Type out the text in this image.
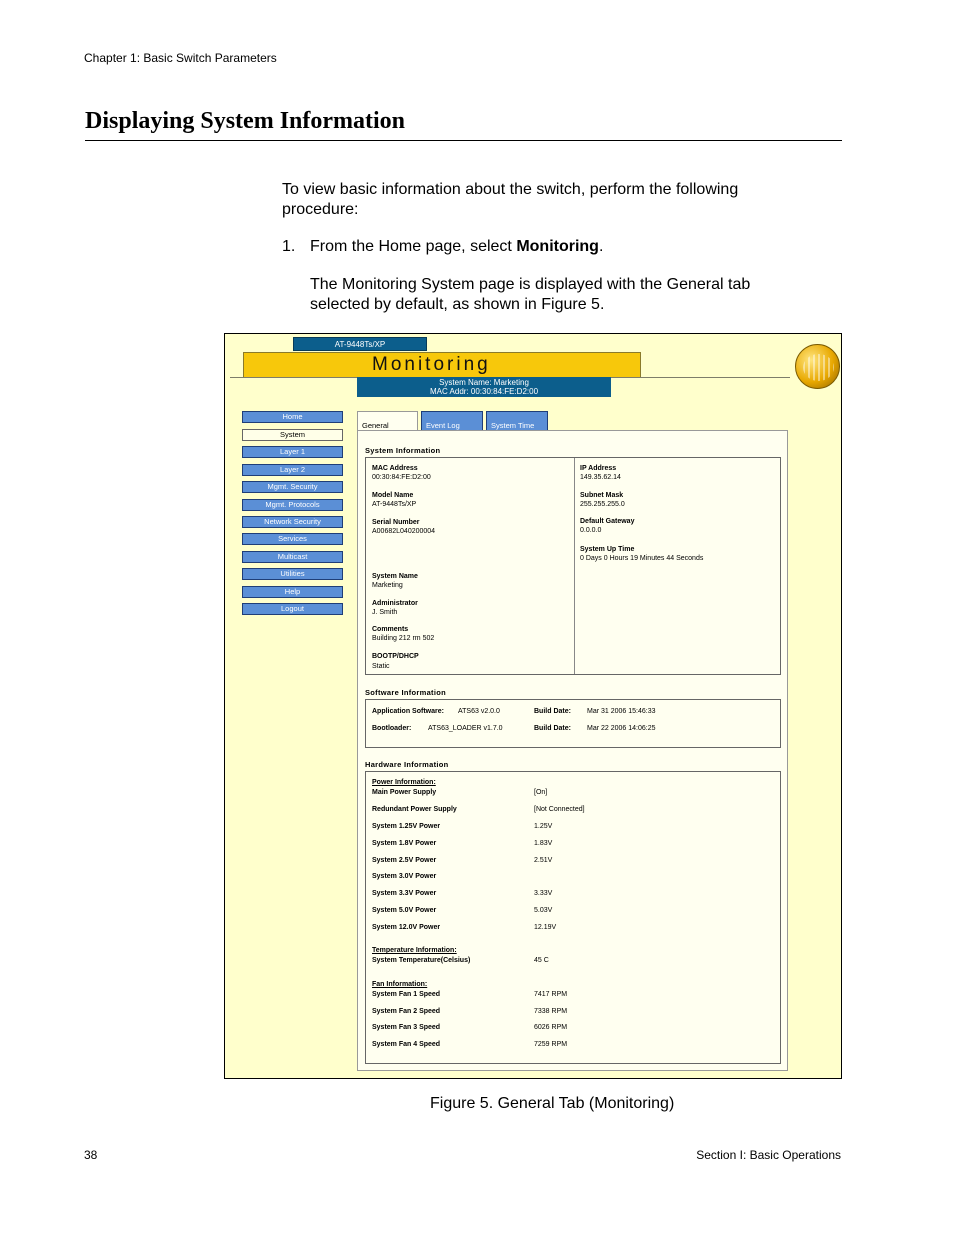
Chapter 1: Basic Switch Parameters
Displaying System Information
To view basic information about the switch, perform the following procedure:
1. From the Home page, select Monitoring.
The Monitoring System page is displayed with the General tab selected by default, as shown in Figure 5.
AT-9448Ts/XP
Monitoring
System Name: Marketing
MAC Addr: 00:30:84:FE:D2:00
Home
System
Layer 1
Layer 2
Mgmt. Security
Mgmt. Protocols
Network Security
Services
Multicast
Utilities
Help
Logout
General	Event Log	System Time
System Information
MAC Address
00:30:84:FE:D2:00
Model Name
AT-9448Ts/XP
Serial Number
A00682L040200004
IP Address
149.35.62.14
Subnet Mask
255.255.255.0
Default Gateway
0.0.0.0
System Up Time
0 Days 0 Hours 19 Minutes 44 Seconds
System Name
Marketing
Administrator
J. Smith
Comments
Building 212 rm 502
BOOTP/DHCP
Static
Software Information
Application Software: ATS63 v2.0.0	Build Date: Mar 31 2006 15:46:33
Bootloader: ATS63_LOADER v1.7.0	Build Date: Mar 22 2006 14:06:25
Hardware Information
Power Information:
Temperature Information:
Fan Information:
Main Power Supply	[On]
Redundant Power Supply	[Not Connected]
System 1.25V Power	1.25V
System 1.8V Power	1.83V
System 2.5V Power	2.51V
System 3.0V Power
System 3.3V Power	3.33V
System 5.0V Power	5.03V
System 12.0V Power	12.19V
System Temperature(Celsius)	45 C
System Fan 1 Speed	7417 RPM
System Fan 2 Speed	7338 RPM
System Fan 3 Speed	6026 RPM
System Fan 4 Speed	7259 RPM
Figure 5. General Tab (Monitoring)
38	Section I: Basic Operations
